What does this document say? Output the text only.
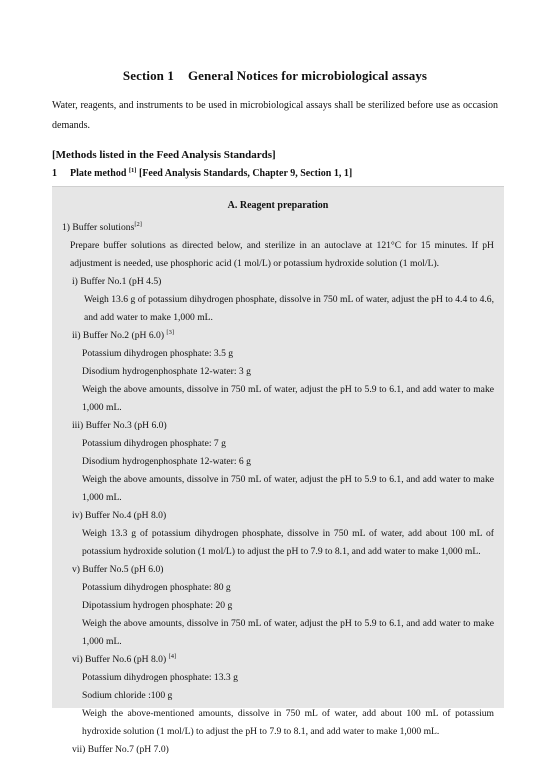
Section 1 General Notices for microbiological assays
Water, reagents, and instruments to be used in microbiological assays shall be sterilized before use as occasion demands.
[Methods listed in the Feed Analysis Standards]
1 Plate method [1] [Feed Analysis Standards, Chapter 9, Section 1, 1]
A. Reagent preparation
1) Buffer solutions[2]
Prepare buffer solutions as directed below, and sterilize in an autoclave at 121°C for 15 minutes. If pH adjustment is needed, use phosphoric acid (1 mol/L) or potassium hydroxide solution (1 mol/L).
i) Buffer No.1 (pH 4.5)
Weigh 13.6 g of potassium dihydrogen phosphate, dissolve in 750 mL of water, adjust the pH to 4.4 to 4.6, and add water to make 1,000 mL.
ii) Buffer No.2 (pH 6.0) [3]
Potassium dihydrogen phosphate: 3.5 g
Disodium hydrogenphosphate 12-water: 3 g
Weigh the above amounts, dissolve in 750 mL of water, adjust the pH to 5.9 to 6.1, and add water to make 1,000 mL.
iii) Buffer No.3 (pH 6.0)
Potassium dihydrogen phosphate: 7 g
Disodium hydrogenphosphate 12-water: 6 g
Weigh the above amounts, dissolve in 750 mL of water, adjust the pH to 5.9 to 6.1, and add water to make 1,000 mL.
iv) Buffer No.4 (pH 8.0)
Weigh 13.3 g of potassium dihydrogen phosphate, dissolve in 750 mL of water, add about 100 mL of potassium hydroxide solution (1 mol/L) to adjust the pH to 7.9 to 8.1, and add water to make 1,000 mL.
v) Buffer No.5 (pH 6.0)
Potassium dihydrogen phosphate: 80 g
Dipotassium hydrogen phosphate: 20 g
Weigh the above amounts, dissolve in 750 mL of water, adjust the pH to 5.9 to 6.1, and add water to make 1,000 mL.
vi) Buffer No.6 (pH 8.0) [4]
Potassium dihydrogen phosphate: 13.3 g
Sodium chloride :100 g
Weigh the above-mentioned amounts, dissolve in 750 mL of water, add about 100 mL of potassium hydroxide solution (1 mol/L) to adjust the pH to 7.9 to 8.1, and add water to make 1,000 mL.
vii) Buffer No.7 (pH 7.0)
